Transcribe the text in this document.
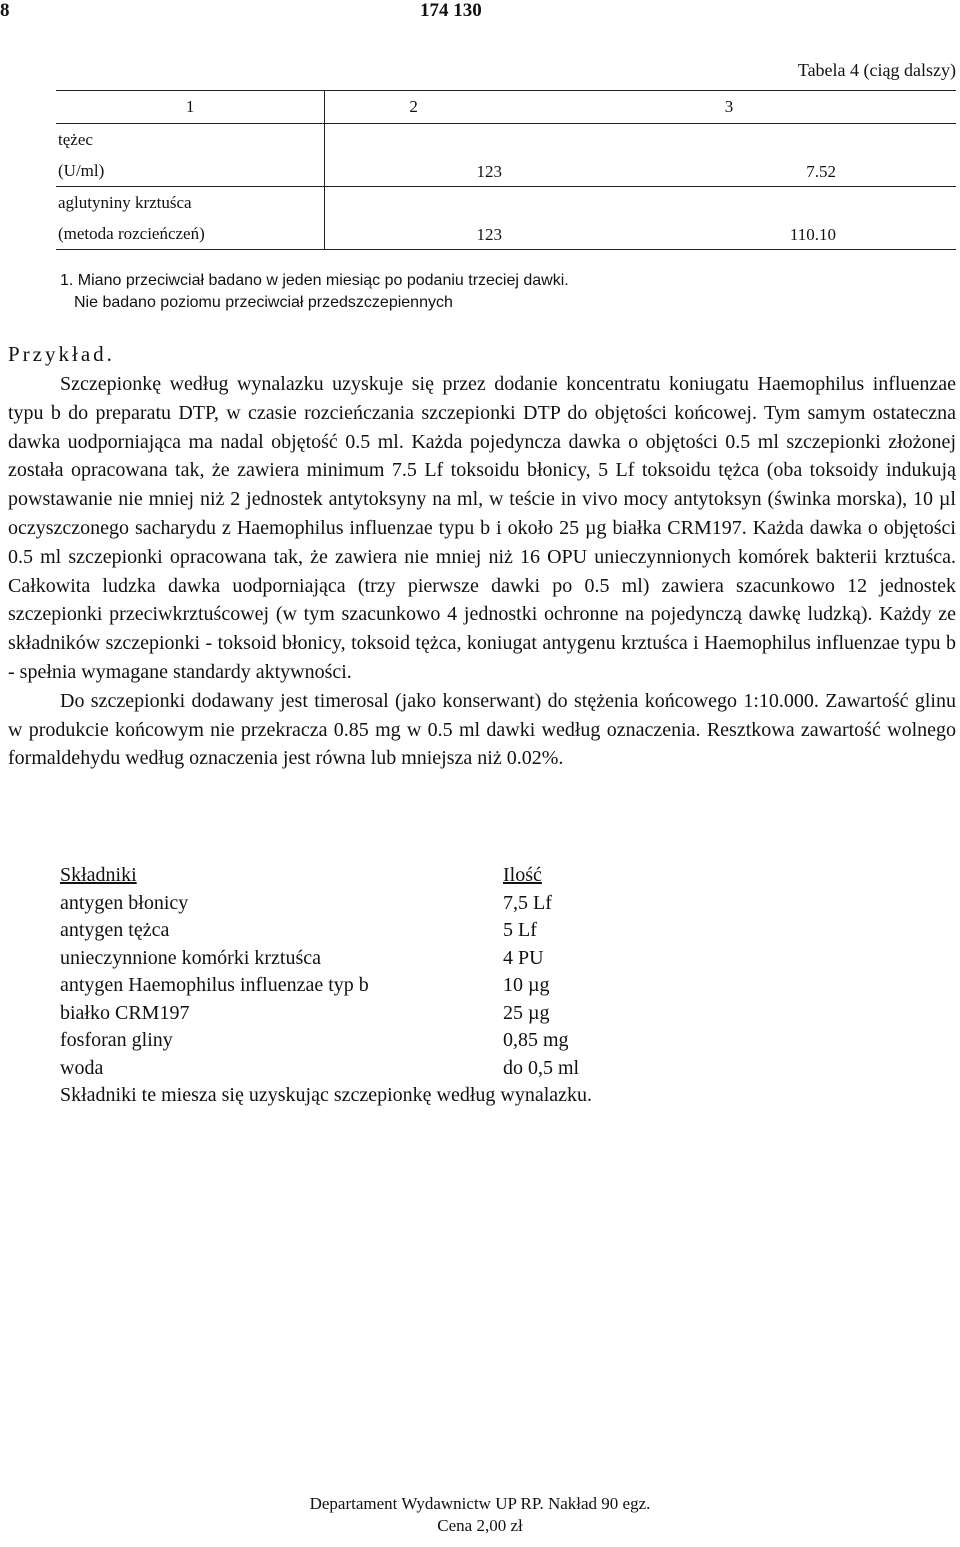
8	174 130
Tabela 4 (ciąg dalszy)
1	2	3

tężec
(U/ml)	123	7.52

aglutyniny krztuśca
(metoda rozcieńczeń)	123	110.10
1. Miano przeciwciał badano w jeden miesiąc po podaniu trzeciej dawki.
Nie badano poziomu przeciwciał przedszczepiennych
Przykład.

Szczepionkę według wynalazku uzyskuje się przez dodanie koncentratu koniugatu Haemophilus influenzae typu b do preparatu DTP, w czasie rozcieńczania szczepionki DTP do objętości końcowej. Tym samym ostateczna dawka uodporniająca ma nadal objętość 0.5 ml. Każda pojedyncza dawka o objętości 0.5 ml szczepionki złożonej została opracowana tak, że zawiera minimum 7.5 Lf toksoidu błonicy, 5 Lf toksoidu tężca (oba toksoidy indukują powstawanie nie mniej niż 2 jednostek antytoksyny na ml, w teście in vivo mocy antytoksyn (świnka morska), 10 µl oczyszczonego sacharydu z Haemophilus influenzae typu b i około 25 µg białka CRM197. Każda dawka o objętości 0.5 ml szczepionki opracowana tak, że zawiera nie mniej niż 16 OPU unieczynnionych komórek bakterii krztuśca. Całkowita ludzka dawka uodporniająca (trzy pierwsze dawki po 0.5 ml) zawiera szacunkowo 12 jednostek szczepionki przeciwkrztuścowej (w tym szacunkowo 4 jednostki ochronne na pojedynczą dawkę ludzką). Każdy ze składników szczepionki - toksoid błonicy, toksoid tężca, koniugat antygenu krztuśca i Haemophilus influenzae typu b - spełnia wymagane standardy aktywności.

Do szczepionki dodawany jest timerosal (jako konserwant) do stężenia końcowego 1:10.000. Zawartość glinu w produkcie końcowym nie przekracza 0.85 mg w 0.5 ml dawki według oznaczenia. Resztkowa zawartość wolnego formaldehydu według oznaczenia jest równa lub mniejsza niż 0.02%.

Składniki	Ilość
antygen błonicy	7,5 Lf
antygen tężca	5 Lf
unieczynnione komórki krztuśca	4 PU
antygen Haemophilus influenzae typ b	10 µg
białko CRM197	25 µg
fosforan gliny	0,85 mg
woda	do 0,5 ml
Składniki te miesza się uzyskując szczepionkę według wynalazku.
Departament Wydawnictw UP RP. Nakład 90 egz.
Cena 2,00 zł
